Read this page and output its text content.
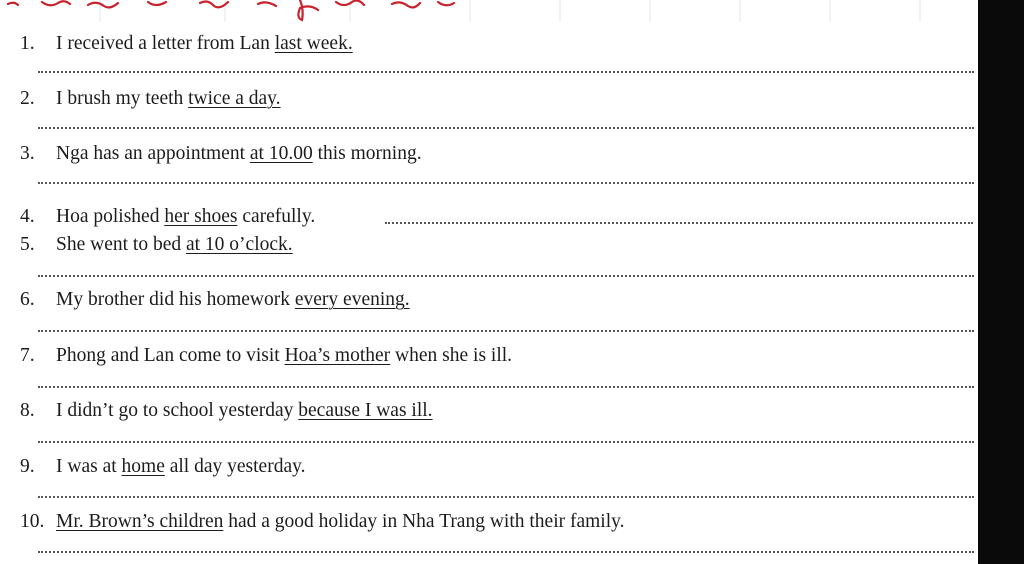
1. I received a letter from Lan last week.
2. I brush my teeth twice a day.
3. Nga has an appointment at 10.00 this morning.
4. Hoa polished her shoes carefully.
5. She went to bed at 10 o’clock.
6. My brother did his homework every evening.
7. Phong and Lan come to visit Hoa’s mother when she is ill.
8. I didn’t go to school yesterday because I was ill.
9. I was at home all day yesterday.
10. Mr. Brown’s children had a good holiday in Nha Trang with their family.
